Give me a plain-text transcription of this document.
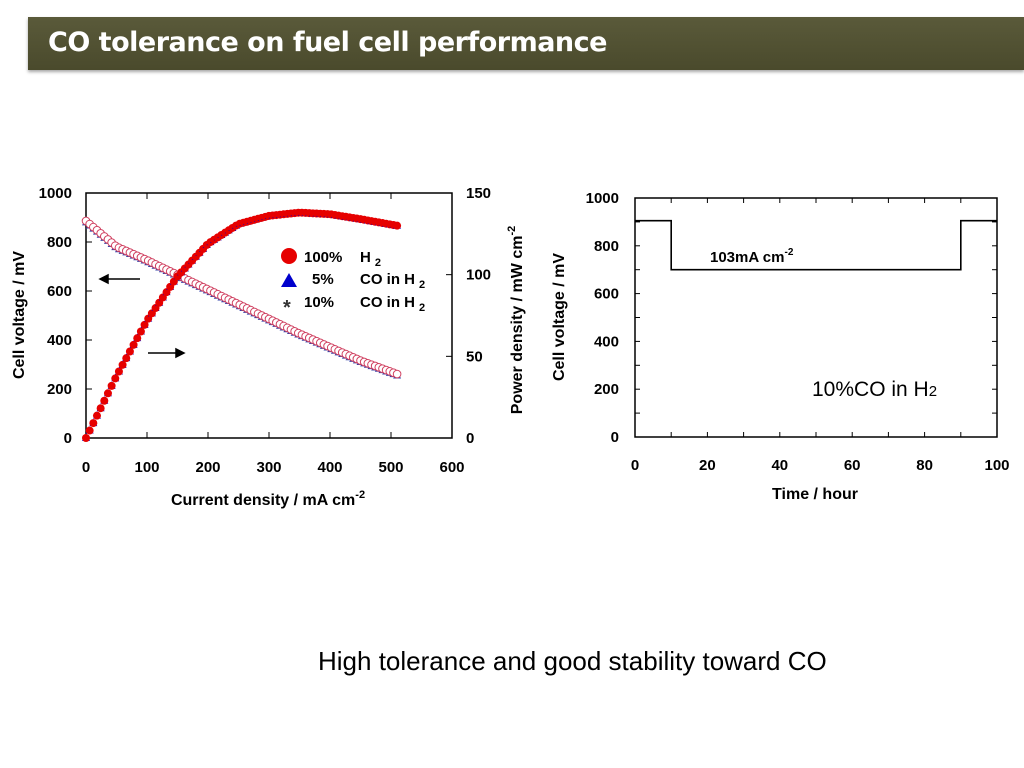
CO tolerance on fuel cell performance
0	100 200 300 400 500 600
0
200
400
600
800
1000
0
50
100
150
Current density / mA $cm^{-2}$
Cell voltage / mV	Power density / mW $cm^{-2}$
100% H $_2$
5% CO in H $_2$
* 10% CO in H $_2$
0	20	40	60	80	100
0
200
400
600
800
1000
Time / hour
Cell voltage / mV	103mA $cm^{-2}$
10%CO in H2
High tolerance and good stability toward CO
